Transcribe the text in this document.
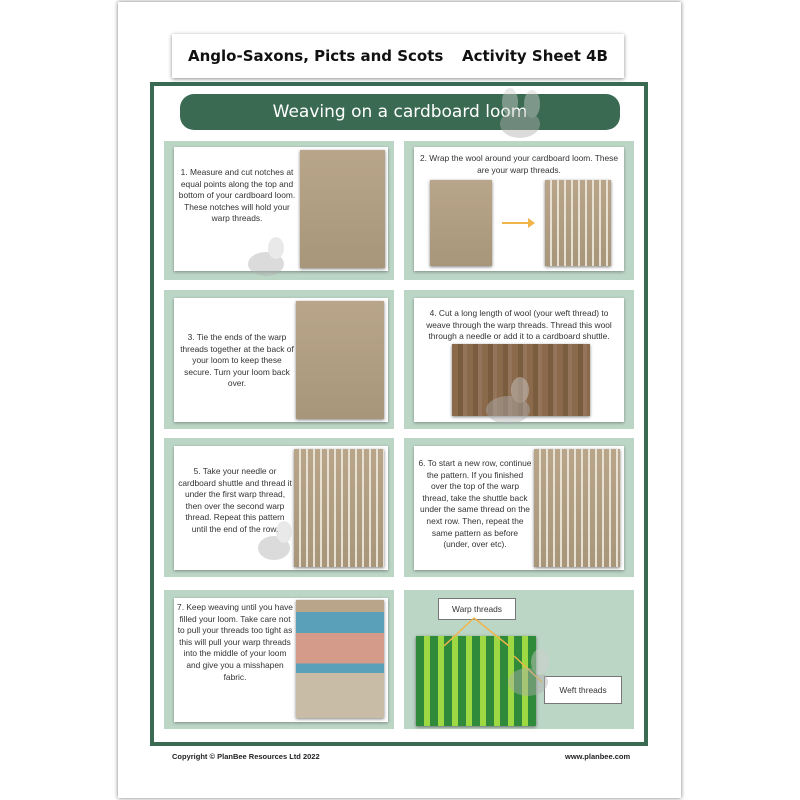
Anglo-Saxons, Picts and Scots Activity Sheet 4B
Weaving on a cardboard loom
1. Measure and cut notches at equal points along the top and bottom of your cardboard loom. These notches will hold your warp threads.
2. Wrap the wool around your cardboard loom. These are your warp threads.
3. Tie the ends of the warp threads together at the back of your loom to keep these secure. Turn your loom back over.
4. Cut a long length of wool (your weft thread) to weave through the warp threads. Thread this wool through a needle or add it to a cardboard shuttle.
5. Take your needle or cardboard shuttle and thread it under the first warp thread, then over the second warp thread. Repeat this pattern until the end of the row.
6. To start a new row, continue the pattern. If you finished over the top of the warp thread, take the shuttle back under the same thread on the next row. Then, repeat the same pattern as before (under, over etc).
7. Keep weaving until you have filled your loom. Take care not to pull your threads too tight as this will pull your warp threads into the middle of your loom and give you a misshapen fabric.
Warp threads
Weft threads
Copyright © PlanBee Resources Ltd 2022	www.planbee.com
